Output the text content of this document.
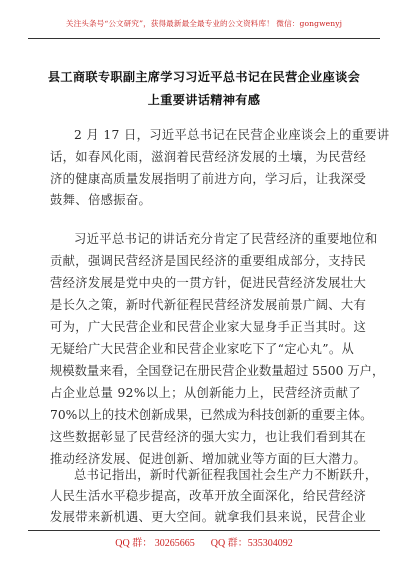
关注头条号“公文研究”，获得最新最全最专业的公文资料库！ 微信：gongwenyj
县工商联专职副主席学习习近平总书记在民营企业座谈会
上重要讲话精神有感
2 月 17 日，习近平总书记在民营企业座谈会上的重要讲
话，如春风化雨，滋润着民营经济发展的土壤，为民营经
济的健康高质量发展指明了前进方向，学习后，让我深受
鼓舞、倍感振奋。
习近平总书记的讲话充分肯定了民营经济的重要地位和
贡献，强调民营经济是国民经济的重要组成部分，支持民
营经济发展是党中央的一贯方针，促进民营经济发展壮大
是长久之策，新时代新征程民营经济发展前景广阔、大有
可为，广大民营企业和民营企业家大显身手正当其时。这
无疑给广大民营企业和民营企业家吃下了“定心丸”。从
规模数量来看，全国登记在册民营企业数量超过 5500 万户，
占企业总量 92%以上；从创新能力上，民营经济贡献了
70%以上的技术创新成果，已然成为科技创新的重要主体。
这些数据彰显了民营经济的强大实力，也让我们看到其在
推动经济发展、促进创新、增加就业等方面的巨大潜力。
总书记指出，新时代新征程我国社会生产力不断跃升，
人民生活水平稳步提高，改革开放全面深化，给民营经济
发展带来新机遇、更大空间。就拿我们县来说，民营企业
QQ 群： 30265665 QQ 群：535304092
